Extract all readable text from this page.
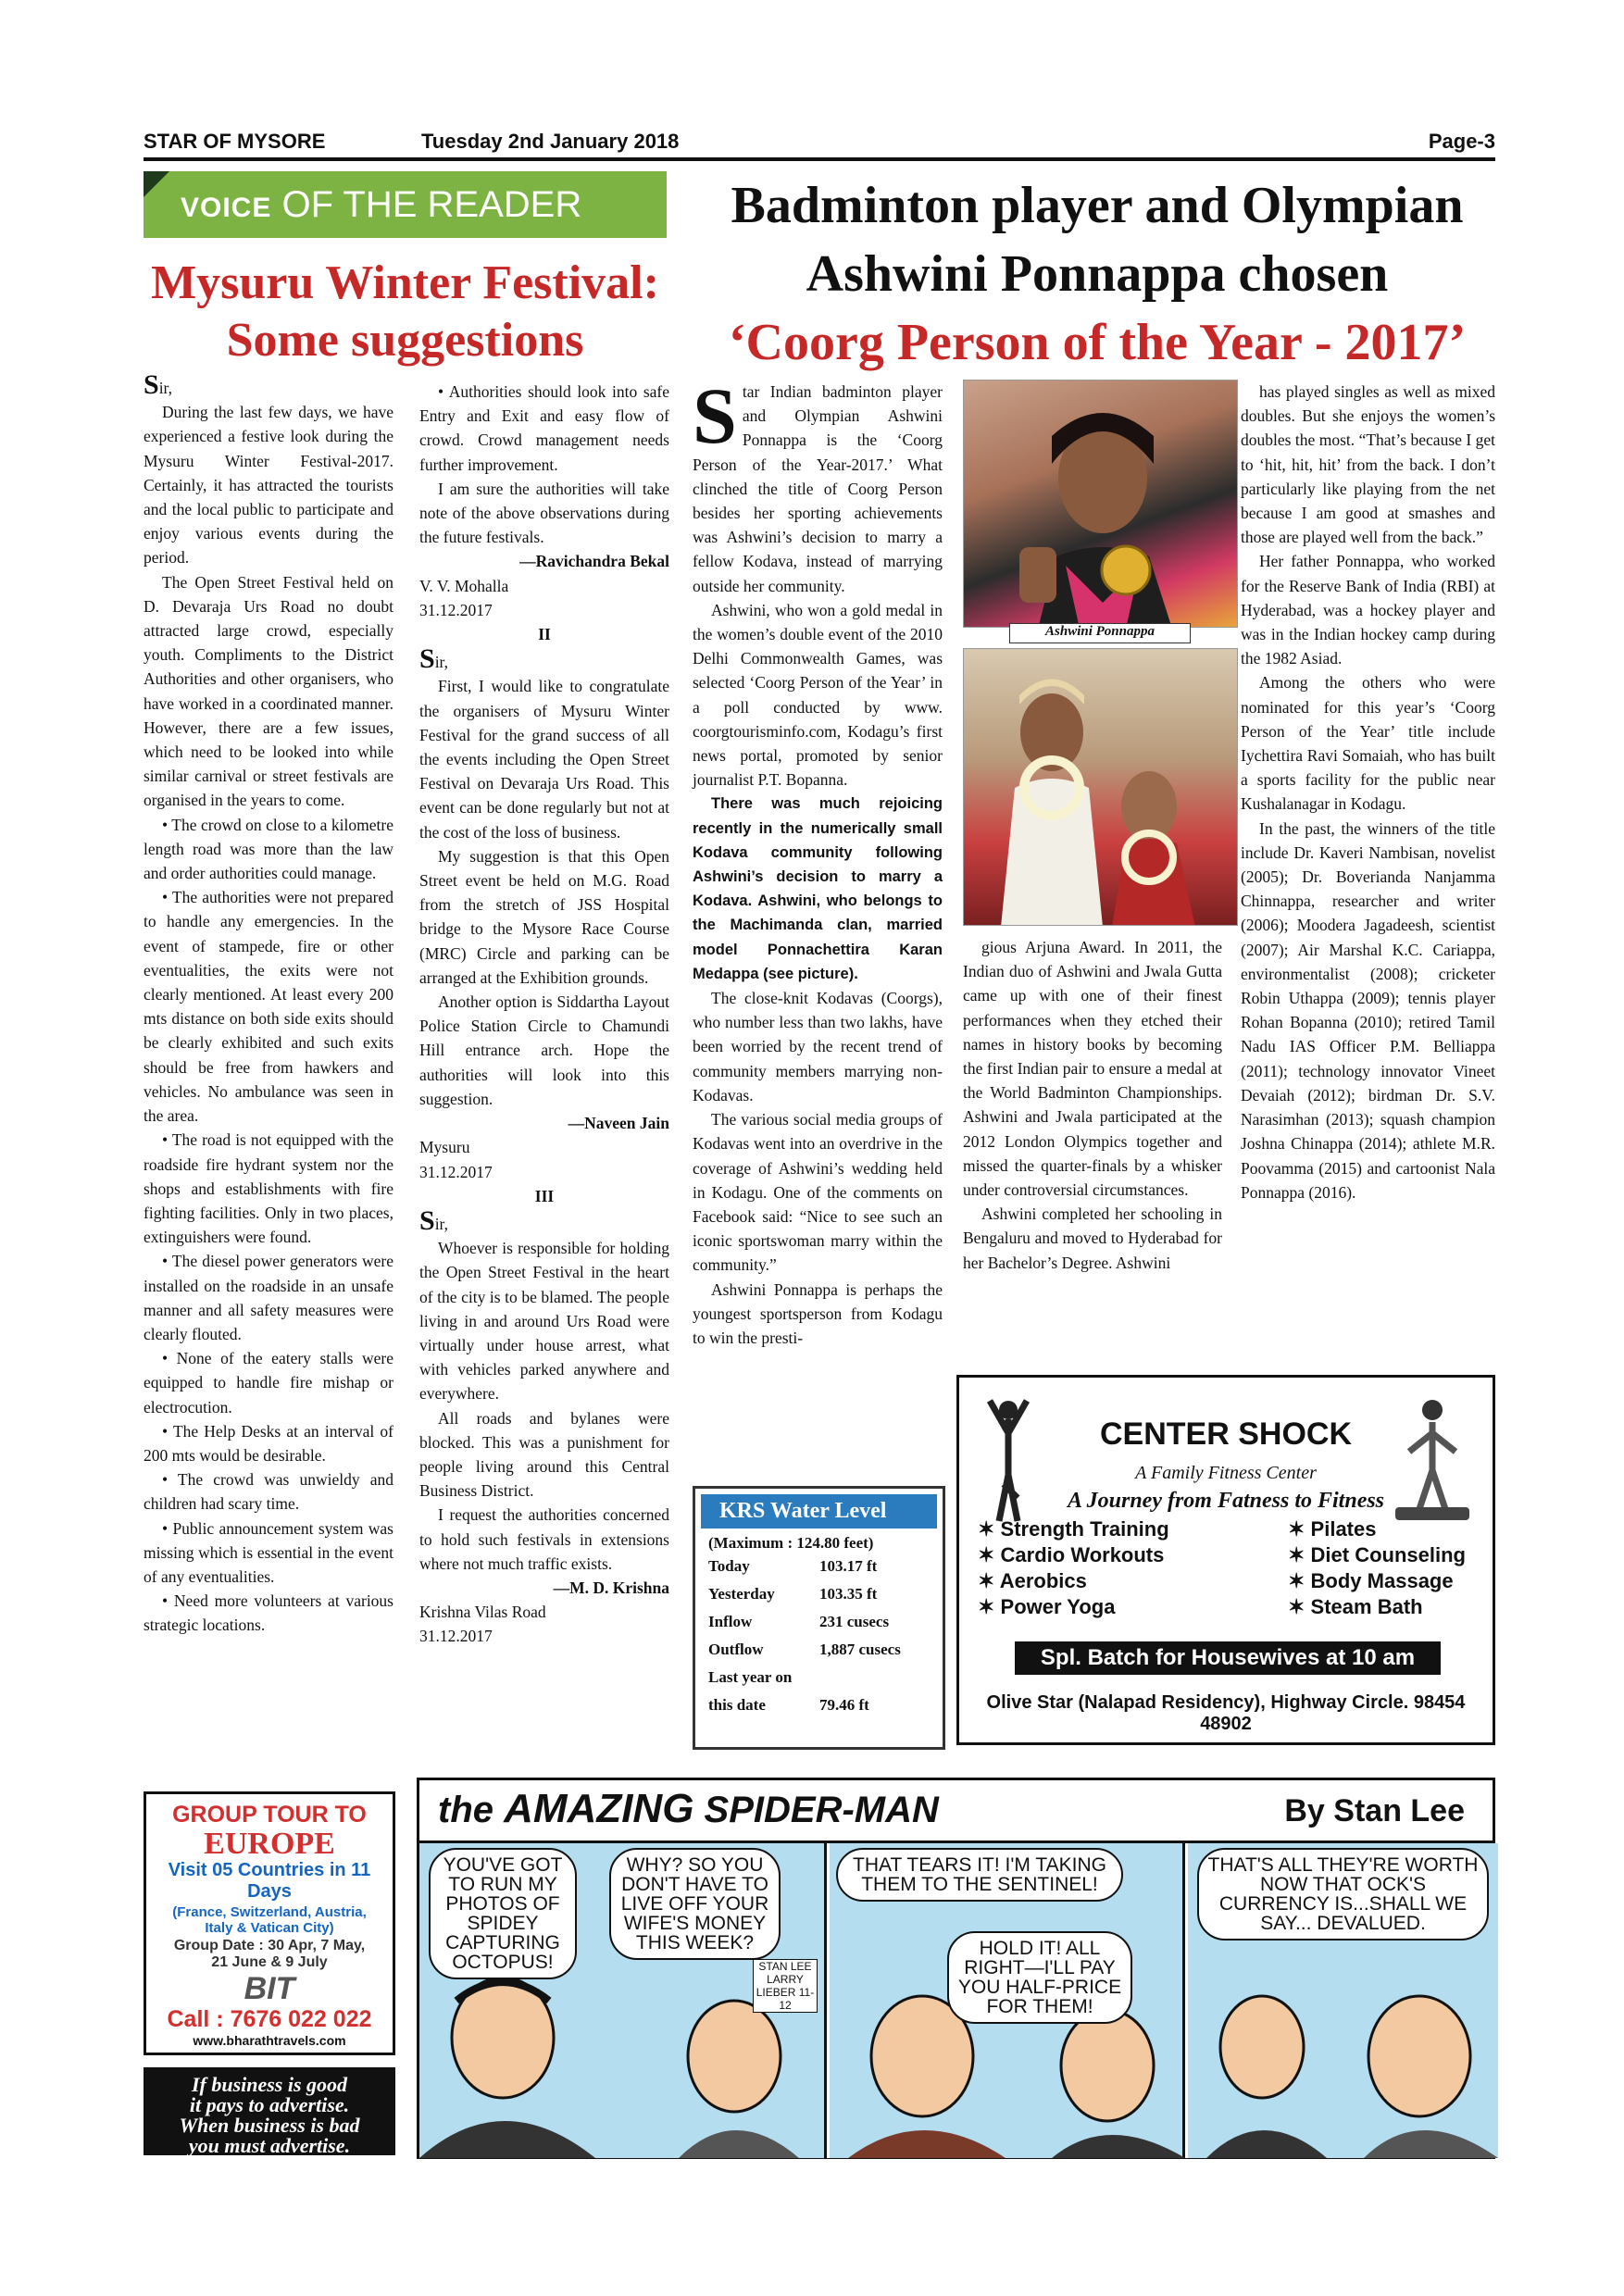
STAR OF MYSORE	Tuesday 2nd January 2018	Page-3
VOICE OF THE READER
Mysuru Winter Festival:
Some suggestions

Sir,

During the last few days, we have experienced a festive look during the Mysuru Winter Festival-2017. Certainly, it has attracted the tourists and the local public to participate and enjoy various events during the period.

The Open Street Festival held on D. Devaraja Urs Road no doubt attracted large crowd, especially youth. Compliments to the District Authorities and other organisers, who have worked in a coordinated manner. However, there are a few issues, which need to be looked into while similar carnival or street festivals are organised in the years to come.

• The crowd on close to a kilometre length road was more than the law and order authorities could manage.

• The authorities were not prepared to handle any emergencies. In the event of stampede, fire or other eventualities, the exits were not clearly mentioned. At least every 200 mts distance on both side exits should be clearly exhibited and such exits should be free from hawkers and vehicles. No ambulance was seen in the area.

• The road is not equipped with the roadside fire hydrant system nor the shops and establishments with fire fighting facilities. Only in two places, extinguishers were found.

• The diesel power generators were installed on the roadside in an unsafe manner and all safety measures were clearly flouted.

• None of the eatery stalls were equipped to handle fire mishap or electrocution.

• The Help Desks at an interval of 200 mts would be desirable.

• The crowd was unwieldy and children had scary time.

• Public announcement system was missing which is essential in the event of any eventualities.

• Need more volunteers at various strategic locations.

• Authorities should look into safe Entry and Exit and easy flow of crowd. Crowd management needs further improvement.

I am sure the authorities will take note of the above observations during the future festivals.

—Ravichandra Bekal
V. V. Mohalla
31.12.2017
II

Sir,

First, I would like to congratulate the organisers of Mysuru Winter Festival for the grand success of all the events including the Open Street Festival on Devaraja Urs Road. This event can be done regularly but not at the cost of the loss of business.

My suggestion is that this Open Street event be held on M.G. Road from the stretch of JSS Hospital bridge to the Mysore Race Course (MRC) Circle and parking can be arranged at the Exhibition grounds.

Another option is Siddartha Layout Police Station Circle to Chamundi Hill entrance arch. Hope the authorities will look into this suggestion.

—Naveen Jain
Mysuru
31.12.2017
III

Sir,

Whoever is responsible for holding the Open Street Festival in the heart of the city is to be blamed. The people living in and around Urs Road were virtually under house arrest, what with vehicles parked anywhere and everywhere.

All roads and bylanes were blocked. This was a punishment for people living around this Central Business District.

I request the authorities concerned to hold such festivals in extensions where not much traffic exists.

—M. D. Krishna
Krishna Vilas Road
31.12.2017
Badminton player and Olympian
Ashwini Ponnappa chosen
‘Coorg Person of the Year - 2017’

Star Indian badminton player and Olympian Ashwini Ponnappa is the ‘Coorg Person of the Year-2017.’ What clinched the title of Coorg Person besides her sporting achievements was Ashwini’s decision to marry a fellow Kodava, instead of marrying outside her community.

Ashwini, who won a gold medal in the women’s double event of the 2010 Delhi Commonwealth Games, was selected ‘Coorg Person of the Year’ in a poll conducted by www. coorgtourisminfo.com, Kodagu’s first news portal, promoted by senior journalist P.T. Bopanna.

There was much rejoicing recently in the numerically small Kodava community following Ashwini’s decision to marry a Kodava. Ashwini, who belongs to the Machimanda clan, married model Ponnachettira Karan Medappa (see picture).

The close-knit Kodavas (Coorgs), who number less than two lakhs, have been worried by the recent trend of community members marrying non-Kodavas.

The various social media groups of Kodavas went into an overdrive in the coverage of Ashwini’s wedding held in Kodagu. One of the comments on Facebook said: “Nice to see such an iconic sportswoman marry within the community.”

Ashwini Ponnappa is perhaps the youngest sportsperson from Kodagu to win the presti-

Ashwini Ponnappa

gious Arjuna Award. In 2011, the Indian duo of Ashwini and Jwala Gutta came up with one of their finest performances when they etched their names in history books by becoming the first Indian pair to ensure a medal at the World Badminton Championships. Ashwini and Jwala participated at the 2012 London Olympics together and missed the quarter-finals by a whisker under controversial circumstances.

Ashwini completed her schooling in Bengaluru and moved to Hyderabad for her Bachelor’s Degree. Ashwini

has played singles as well as mixed doubles. But she enjoys the women’s doubles the most. “That’s because I get to ‘hit, hit, hit’ from the back. I don’t particularly like playing from the net because I am good at smashes and those are played well from the back.”

Her father Ponnappa, who worked for the Reserve Bank of India (RBI) at Hyderabad, was a hockey player and was in the Indian hockey camp during the 1982 Asiad.

Among the others who were nominated for this year’s ‘Coorg Person of the Year’ title include Iychettira Ravi Somaiah, who has built a sports facility for the public near Kushalanagar in Kodagu.

In the past, the winners of the title include Dr. Kaveri Nambisan, novelist (2005); Dr. Boverianda Nanjamma Chinnappa, researcher and writer (2006); Moodera Jagadeesh, scientist (2007); Air Marshal K.C. Cariappa, environmentalist (2008); cricketer Robin Uthappa (2009); tennis player Rohan Bopanna (2010); retired Tamil Nadu IAS Officer P.M. Belliappa (2011); technology innovator Vineet Devaiah (2012); birdman Dr. S.V. Narasimhan (2013); squash champion Joshna Chinappa (2014); athlete M.R. Poovamma (2015) and cartoonist Nala Ponnappa (2016).

KRS Water Level
(Maximum : 124.80 feet)
Today	103.17 ft
Yesterday	103.35 ft
Inflow	231 cusecs
Outflow	1,887 cusecs
Last year on	
this date	79.46 ft
CENTER SHOCK
A Family Fitness Center
A Journey from Fatness to Fitness
✶ Strength Training
✶ Cardio Workouts
✶ Aerobics
✶ Power Yoga
✶ Pilates
✶ Diet Counseling
✶ Body Massage
✶ Steam Bath
Spl. Batch for Housewives at 10 am
Olive Star (Nalapad Residency), Highway Circle. 98454 48902
GROUP TOUR TO
EUROPE
Visit 05 Countries in 11 Days
(France, Switzerland, Austria, Italy & Vatican City)
Group Date : 30 Apr, 7 May, 21 June & 9 July
BIT
Call : 7676 022 022
www.bharathtravels.com
If business is good
it pays to advertise.
When business is bad
you must advertise.
the AMAZING SPIDER-MAN	By Stan Lee
YOU'VE GOT TO RUN MY PHOTOS OF SPIDEY CAPTURING OCTOPUS!
WHY? SO YOU DON'T HAVE TO LIVE OFF YOUR WIFE'S MONEY THIS WEEK?
THAT TEARS IT! I'M TAKING THEM TO THE SENTINEL!
HOLD IT! ALL RIGHT—I'LL PAY YOU HALF-PRICE FOR THEM!
THAT'S ALL THEY'RE WORTH NOW THAT OCK'S CURRENCY IS...SHALL WE SAY... DEVALUED.
STAN LEE LARRY LIEBER 11-12
